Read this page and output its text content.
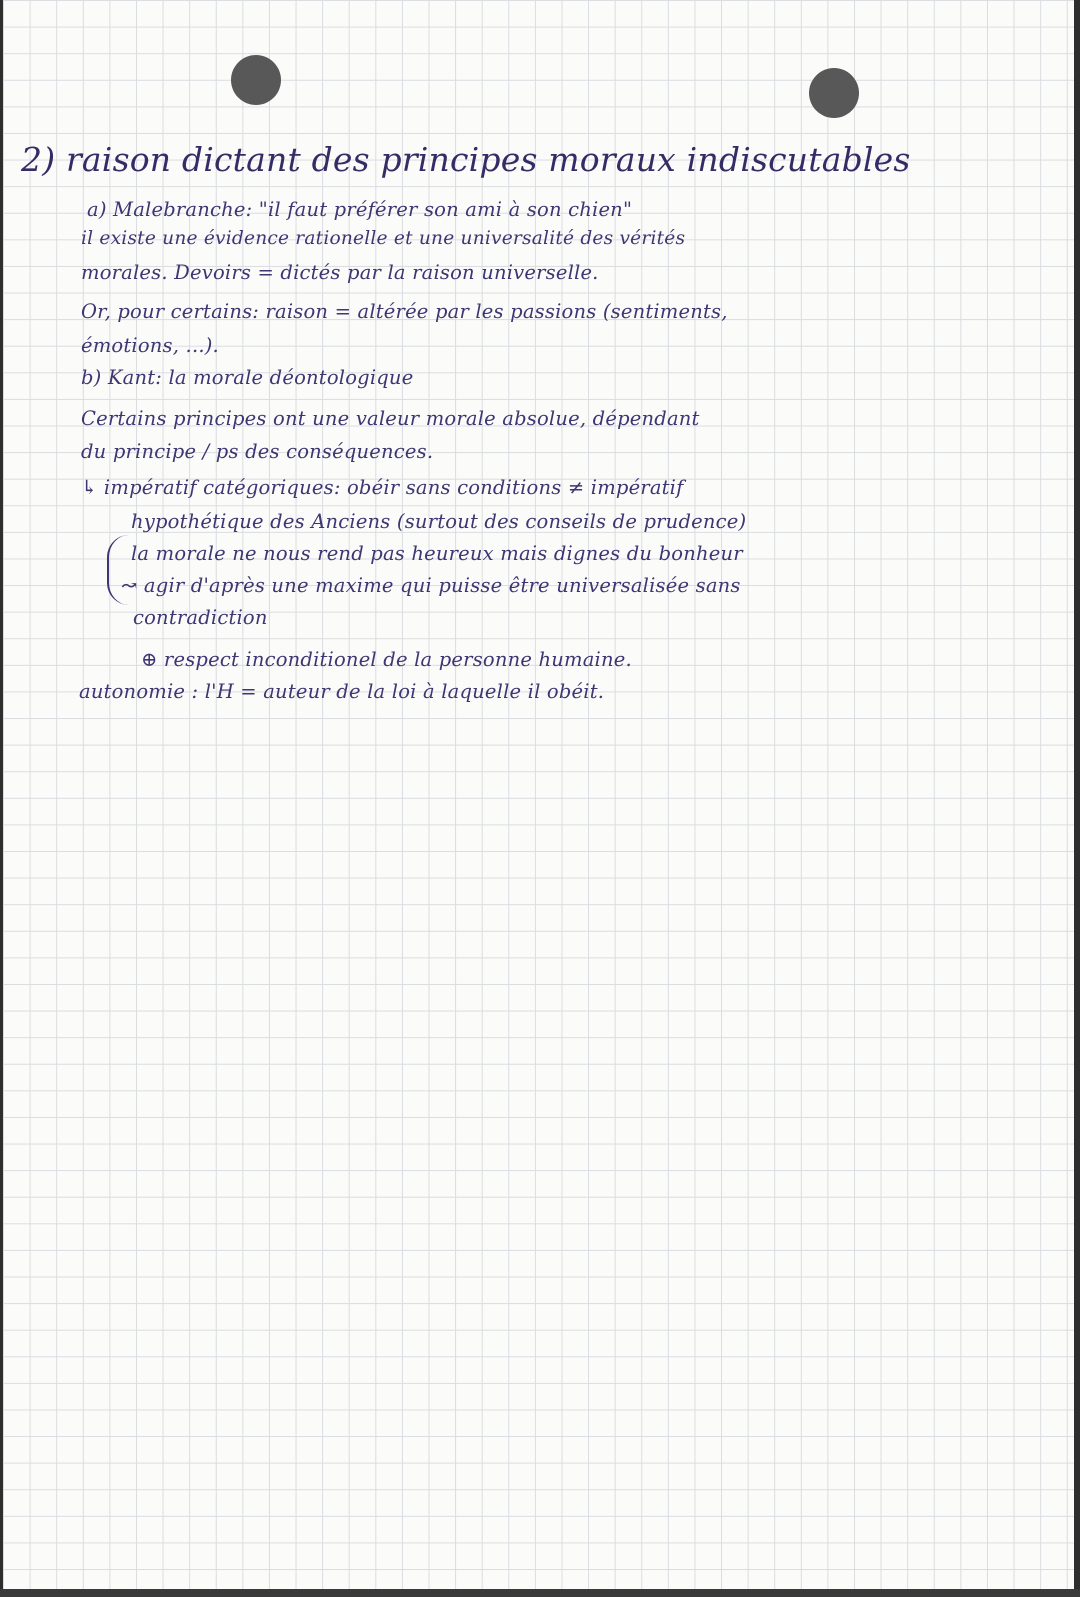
2) raison dictant des principes moraux indiscutables
a) Malebranche: "il faut préférer son ami à son chien"
il existe une évidence rationelle et une universalité des vérités
morales. Devoirs = dictés par la raison universelle.
Or, pour certains: raison = altérée par les passions (sentiments,
émotions, ...).
b) Kant: la morale déontologique
Certains principes ont une valeur morale absolue, dépendant
du principe / ps des conséquences.
↳ impératif catégoriques: obéir sans conditions ≠ impératif
hypothétique des Anciens (surtout des conseils de prudence)
la morale ne nous rend pas heureux mais dignes du bonheur
↝ agir d'après une maxime qui puisse être universalisée sans
contradiction
⊕ respect inconditionel de la personne humaine.
autonomie : l'H = auteur de la loi à laquelle il obéit.
